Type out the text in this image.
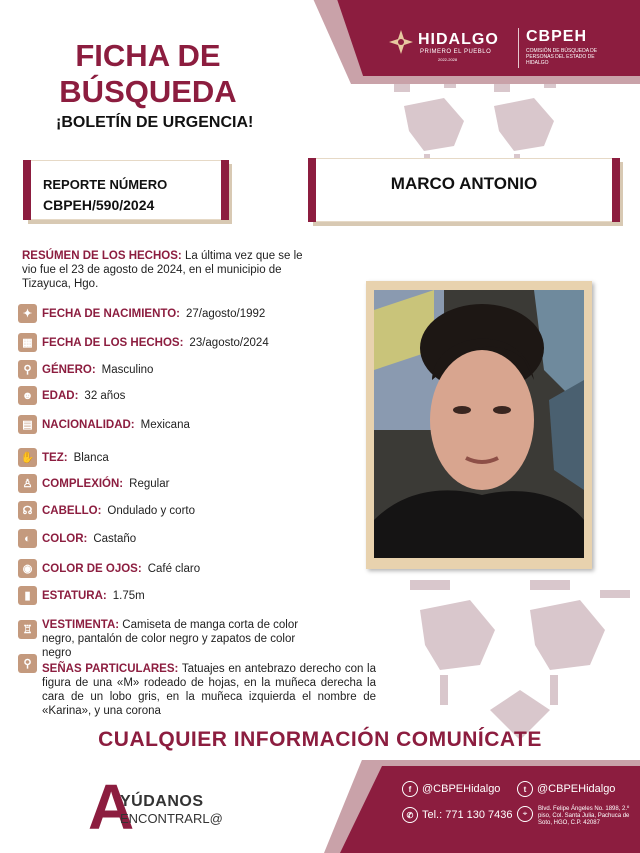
HIDALGO
PRIMERO EL PUEBLO
2022-2028
CBPEH
COMISIÓN DE BÚSQUEDA DE PERSONAS DEL ESTADO DE HIDALGO
FICHA DE
BÚSQUEDA
¡BOLETÍN DE URGENCIA!
REPORTE NÚMERO
CBPEH/590/2024
MARCO ANTONIO
RESÚMEN DE LOS HECHOS: La última vez que se le vio fue el 23 de agosto de 2024, en el municipio de Tizayuca, Hgo.
✦ FECHA DE NACIMIENTO: 27/agosto/1992
▦ FECHA DE LOS HECHOS: 23/agosto/2024
⚲ GÉNERO: Masculino
☻ EDAD: 32 años
▤ NACIONALIDAD: Mexicana
✋ TEZ: Blanca
♙ COMPLEXIÓN: Regular
☊ CABELLO: Ondulado y corto
◐ COLOR: Castaño
◉ COLOR DE OJOS: Café claro
▮ ESTATURA: 1.75m
♖ VESTIMENTA: Camiseta de manga corta de color negro, pantalón de color negro y zapatos de color negro
⚲ SEÑAS PARTICULARES: Tatuajes en antebrazo derecho con la figura de una «M» rodeado de hojas, en la muñeca derecha la cara de un lobo gris, en la muñeca izquierda el nombre de «Karina», y una corona
CUALQUIER INFORMACIÓN COMUNÍCATE
A
YÚDANOS
ENCONTRARL@
f @CBPEHidalgo	t @CBPEHidalgo
✆ Tel.: 771 130 7436	⌖	Blvd. Felipe Ángeles No. 1898, 2.º piso, Col. Santa Julia, Pachuca de Soto, HGO, C.P. 42087
